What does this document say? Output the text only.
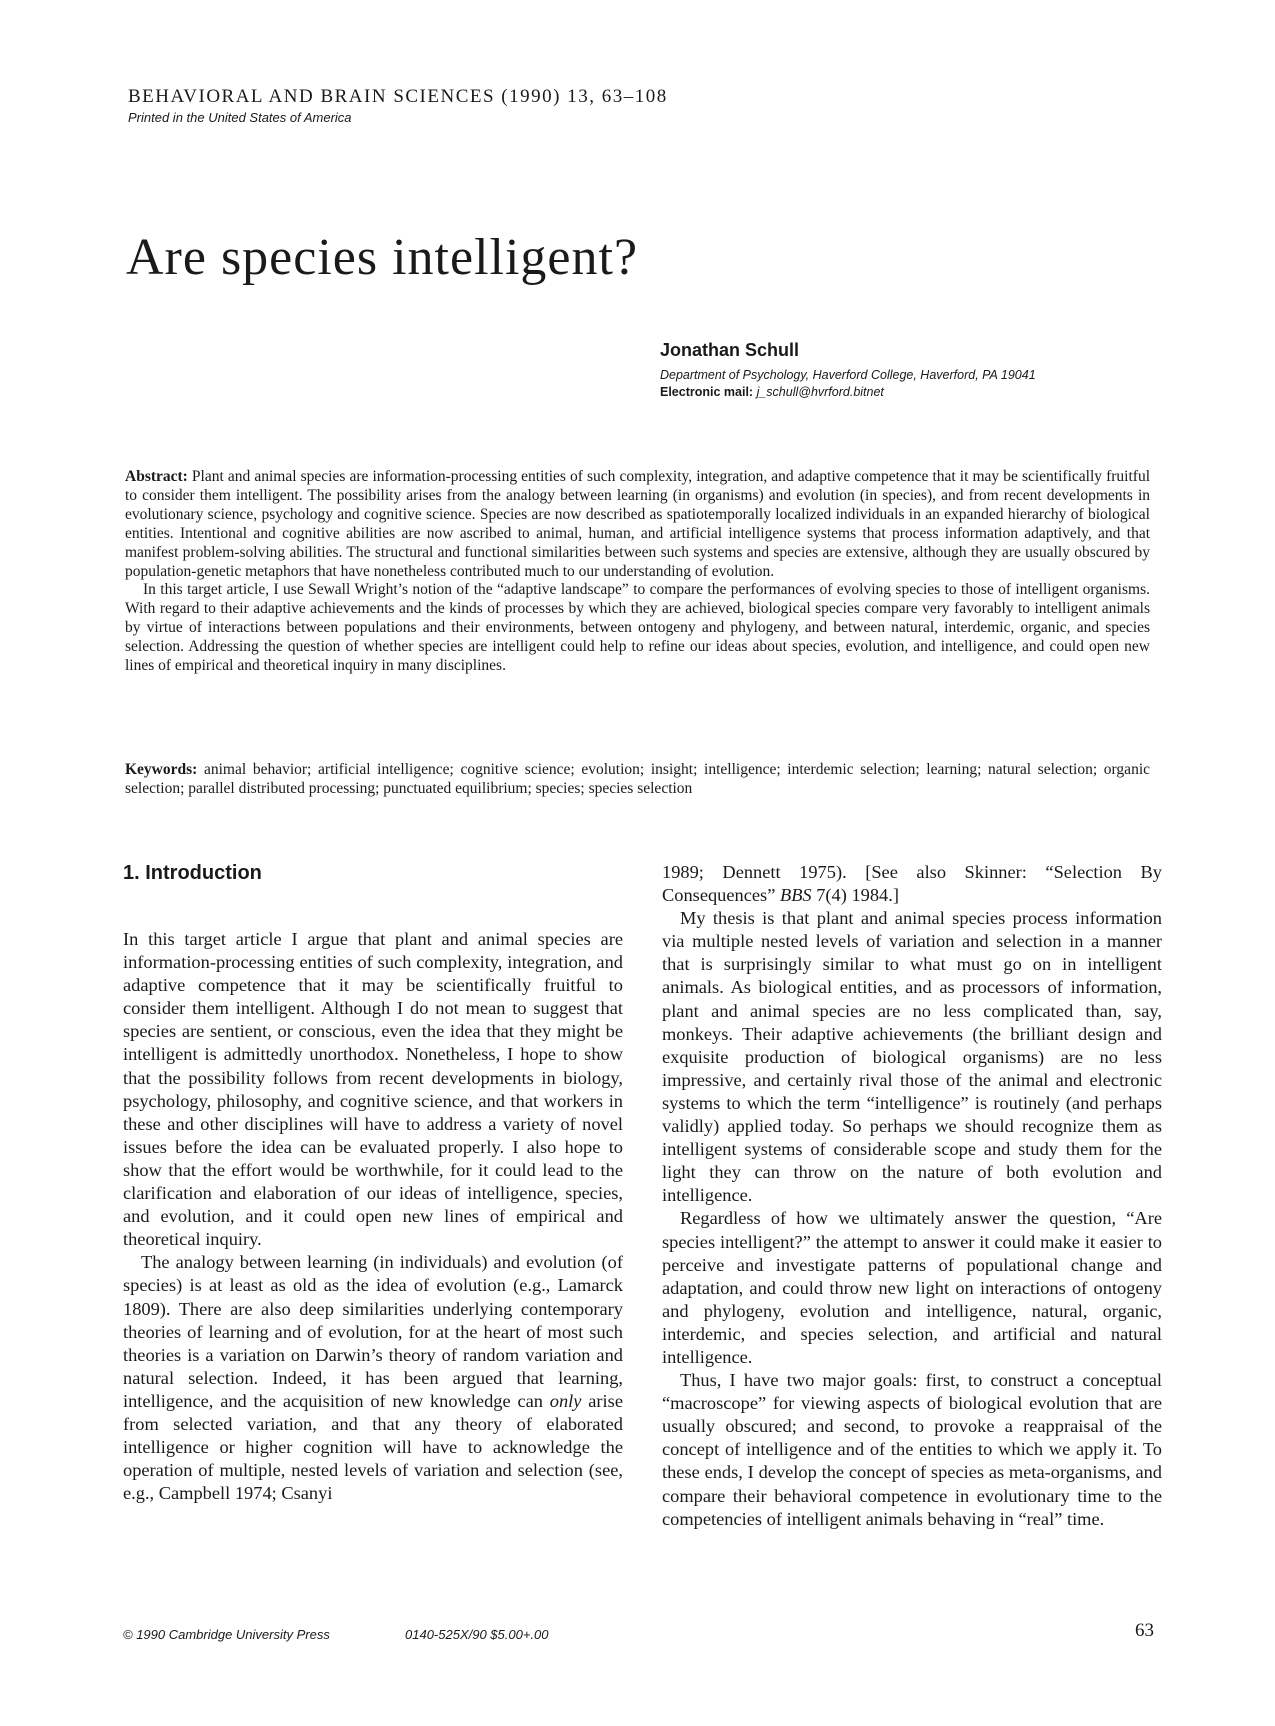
BEHAVIORAL AND BRAIN SCIENCES (1990) 13, 63–108
Printed in the United States of America
Are species intelligent?
Jonathan Schull
Department of Psychology, Haverford College, Haverford, PA 19041
Electronic mail: j_schull@hvrford.bitnet

Abstract: Plant and animal species are information-processing entities of such complexity, integration, and adaptive competence that it may be scientifically fruitful to consider them intelligent. The possibility arises from the analogy between learning (in organisms) and evolution (in species), and from recent developments in evolutionary science, psychology and cognitive science. Species are now described as spatiotemporally localized individuals in an expanded hierarchy of biological entities. Intentional and cognitive abilities are now ascribed to animal, human, and artificial intelligence systems that process information adaptively, and that manifest problem-solving abilities. The structural and functional similarities between such systems and species are extensive, although they are usually obscured by population-genetic metaphors that have nonetheless contributed much to our understanding of evolution.

In this target article, I use Sewall Wright’s notion of the “adaptive landscape” to compare the performances of evolving species to those of intelligent organisms. With regard to their adaptive achievements and the kinds of processes by which they are achieved, biological species compare very favorably to intelligent animals by virtue of interactions between populations and their environments, between ontogeny and phylogeny, and between natural, interdemic, organic, and species selection. Addressing the question of whether species are intelligent could help to refine our ideas about species, evolution, and intelligence, and could open new lines of empirical and theoretical inquiry in many disciplines.

Keywords: animal behavior; artificial intelligence; cognitive science; evolution; insight; intelligence; interdemic selection; learning; natural selection; organic selection; parallel distributed processing; punctuated equilibrium; species; species selection
1. Introduction

In this target article I argue that plant and animal species are information-processing entities of such complexity, integration, and adaptive competence that it may be scientifically fruitful to consider them intelligent. Although I do not mean to suggest that species are sentient, or conscious, even the idea that they might be intelligent is admittedly unorthodox. Nonetheless, I hope to show that the possibility follows from recent developments in biology, psychology, philosophy, and cognitive science, and that workers in these and other disciplines will have to address a variety of novel issues before the idea can be evaluated properly. I also hope to show that the effort would be worthwhile, for it could lead to the clarification and elaboration of our ideas of intelligence, species, and evolution, and it could open new lines of empirical and theoretical inquiry.

The analogy between learning (in individuals) and evolution (of species) is at least as old as the idea of evolution (e.g., Lamarck 1809). There are also deep similarities underlying contemporary theories of learning and of evolution, for at the heart of most such theories is a variation on Darwin’s theory of random variation and natural selection. Indeed, it has been argued that learning, intelligence, and the acquisition of new knowledge can only arise from selected variation, and that any theory of elaborated intelligence or higher cognition will have to acknowledge the operation of multiple, nested levels of variation and selection (see, e.g., Campbell 1974; Csanyi

1989; Dennett 1975). [See also Skinner: “Selection By Consequences” BBS 7(4) 1984.]

My thesis is that plant and animal species process information via multiple nested levels of variation and selection in a manner that is surprisingly similar to what must go on in intelligent animals. As biological entities, and as processors of information, plant and animal species are no less complicated than, say, monkeys. Their adaptive achievements (the brilliant design and exquisite production of biological organisms) are no less impressive, and certainly rival those of the animal and electronic systems to which the term “intelligence” is routinely (and perhaps validly) applied today. So perhaps we should recognize them as intelligent systems of considerable scope and study them for the light they can throw on the nature of both evolution and intelligence.

Regardless of how we ultimately answer the question, “Are species intelligent?” the attempt to answer it could make it easier to perceive and investigate patterns of populational change and adaptation, and could throw new light on interactions of ontogeny and phylogeny, evolution and intelligence, natural, organic, interdemic, and species selection, and artificial and natural intelligence.

Thus, I have two major goals: first, to construct a conceptual “macroscope” for viewing aspects of biological evolution that are usually obscured; and second, to provoke a reappraisal of the concept of intelligence and of the entities to which we apply it. To these ends, I develop the concept of species as meta-organisms, and compare their behavioral competence in evolutionary time to the competencies of intelligent animals behaving in “real” time.

© 1990 Cambridge University Press	0140-525X/90 $5.00+.00	63
